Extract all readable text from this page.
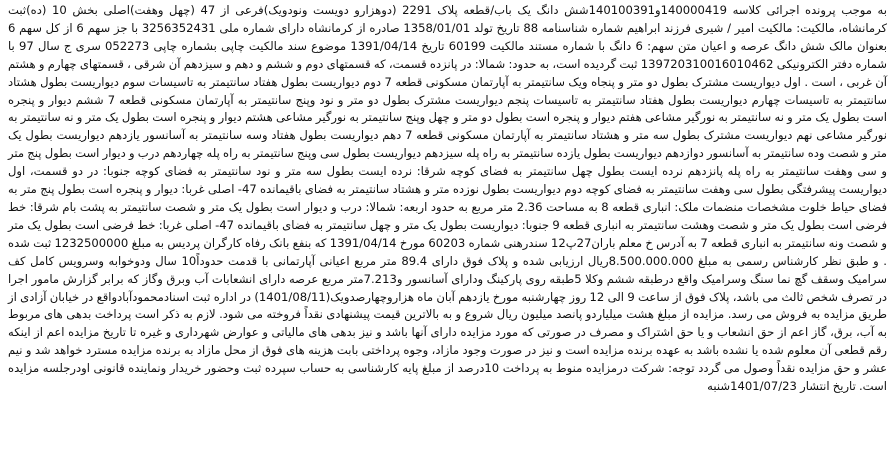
به موجب پرونده اجرائی کلاسه 140000419و140100391شش دانگ یک باب/قطعه پلاک 2291 (دوهزارو دویست ونودویک)فرعی از 47 (چهل وهفت)اصلی بخش 10 (ده)ثبت کرمانشاه، مالکیت: مالکیت امیر / شیری فرزند ابراهیم شماره شناسنامه 88 تاریخ تولد 1358/01/01 صادره از کرمانشاه دارای شماره ملی 3256352431 با جز سهم 6 از کل سهم 6 بعنوان مالک شش دانگ عرصه و اعیان متن سهم: 6 دانگ با شماره مستند مالکیت 60199 تاریخ 1391/04/14 موضوع سند مالکیت چاپی بشماره چاپی 052273 سری ج سال 97 با شماره دفتر الکترونیکی 139720310016010462 ثبت گردیده است، به حدود: شمالا: در پانزده قسمت، که قسمتهای دوم و ششم و دهم و سیزدهم آن شرقی ، قسمتهای چهارم و هشتم آن غربی ، است . اول دیواریست مشترک بطول دو متر و پنجاه ویک سانتیمتر به آپارتمان مسکونی قطعه 7 دوم دیواریست بطول هفتاد سانتیمتر به تاسیسات سوم دیواریست بطول هشتاد سانتیمتر به تاسیسات چهارم دیواریست بطول هفتاد سانتیمتر به تاسیسات پنجم دیواریست مشترک بطول دو متر و نود وپنج سانتیمتر به آپارتمان مسکونی قطعه 7 ششم دیوار و پنجره است بطول یک متر و نه سانتیمتر به نورگیر مشاعی هفتم دیوار و پنجره است بطول دو متر و چهل وپنج سانتیمتر به نورگیر مشاعی هشتم دیوار و پنجره است بطول یک متر و نه سانتیمتر به نورگیر مشاعی نهم دیواریست مشترک بطول سه متر و هشتاد سانتیمتر به آپارتمان مسکونی قطعه 7 دهم دیواریست بطول هفتاد وسه سانتیمتر به آسانسور یازدهم دیواریست بطول یک متر و شصت وده سانتیمتر به آسانسور دوازدهم دیواریست بطول یازده سانتیمتر به راه پله سیزدهم دیواریست بطول سی وپنج سانتیمتر به راه پله چهاردهم درب و دیوار است بطول پنج متر و سی وهفت سانتیمتر به راه پله پانزدهم نرده ایست بطول چهل سانتیمتر به فضای کوچه شرقا: نرده ایست بطول سه متر و نود سانتیمتر به فضای کوچه جنوبا: در دو قسمت، اول دیواریست پیشرفتگی بطول سی وهفت سانتیمتر به فضای کوچه دوم دیواریست بطول نوزده متر و هشتاد سانتیمتر به فضای باقیمانده 47- اصلی غربا: دیوار و پنجره است بطول پنج متر به فضای حیاط خلوت مشخصات منضمات ملک: انباری قطعه 8 به مساحت 2.36 متر مربع به حدود اربعه: شمالا: درب و دیوار است بطول یک متر و شصت سانتیمتر به پشت بام شرقا: خط فرضی است بطول یک متر و شصت وهشت سانتیمتر به انباری قطعه 9 جنوبا: دیواریست بطول یک متر و چهل سانتیمتر به فضای باقیمانده 47- اصلی غربا: خط فرضی است بطول یک متر و شصت ونه سانتیمتر به انباری قطعه 7 به آدرس خ معلم باران27پ12 سندرهنی شماره 60203 مورخ 1391/04/14 که بنفع بانک رفاه کارگران پردیس به مبلغ 1232500000 ثبت شده . و طبق نظر کارشناس رسمی به مبلغ 8.500.000.000ریال ارزیابی شده و پلاک فوق دارای 89.4 متر مربع اعیانی آپارتمانی با قدمت حدوداً10 سال ودوخوابه وسرویس کامل کف سرامیک وسقف گچ نما سنگ وسرامیک واقع درطبقه ششم وکلا 5طبقه روی پارکینگ ودارای آسانسور و7.213متر مربع عرصه دارای انشعابات آب وبرق وگاز که برابر گزارش مامور اجرا در تصرف شخص ثالث می باشد، پلاک فوق از ساعت 9 الی 12 روز چهارشنبه مورخ یازدهم آبان ماه هزاروچهارصدویک(1401/08/11) در اداره ثبت اسنادمحمودآبادواقع در خیابان آزادی از طریق مزایده به فروش می رسد. مزایده از مبلغ هشت میلیاردو پانصد میلیون ریال شروع و به بالاترین قیمت پیشنهادی نقداً فروخته می شود. لازم به ذکر است پرداخت بدهی های مربوط به آب، برق، گاز اعم از حق انشعاب و یا حق اشتراک و مصرف در صورتی که مورد مزایده دارای آنها باشد و نیز بدهی های مالیاتی و عوارض شهرداری و غیره تا تاریخ مزایده اعم از اینکه رقم قطعی آن معلوم شده یا نشده باشد به عهده برنده مزایده است و نیز در صورت وجود مازاد، وجوه پرداختی بابت هزینه های فوق از محل مازاد به برنده مزایده مسترد خواهد شد و نیم عشر و حق مزایده نقداً وصول می گردد توجه: شرکت درمزایده منوط به پرداخت 10درصد از مبلغ پایه کارشناسی به حساب سپرده ثبت وحضور خریدار ونماینده قانونی اودرجلسه مزایده است. تاریخ انتشار 1401/07/23شنبه
